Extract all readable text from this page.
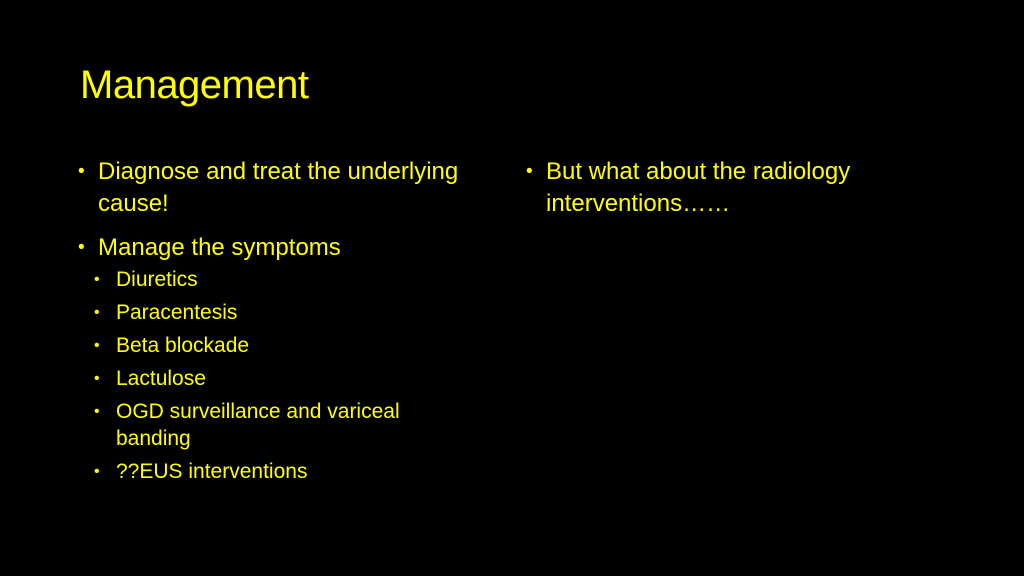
Management
• Diagnose and treat the underlying cause!
• Manage the symptoms
• Diuretics
• Paracentesis
• Beta blockade
• Lactulose
• OGD surveillance and variceal banding
• ??EUS interventions
• But what about the radiology interventions……
